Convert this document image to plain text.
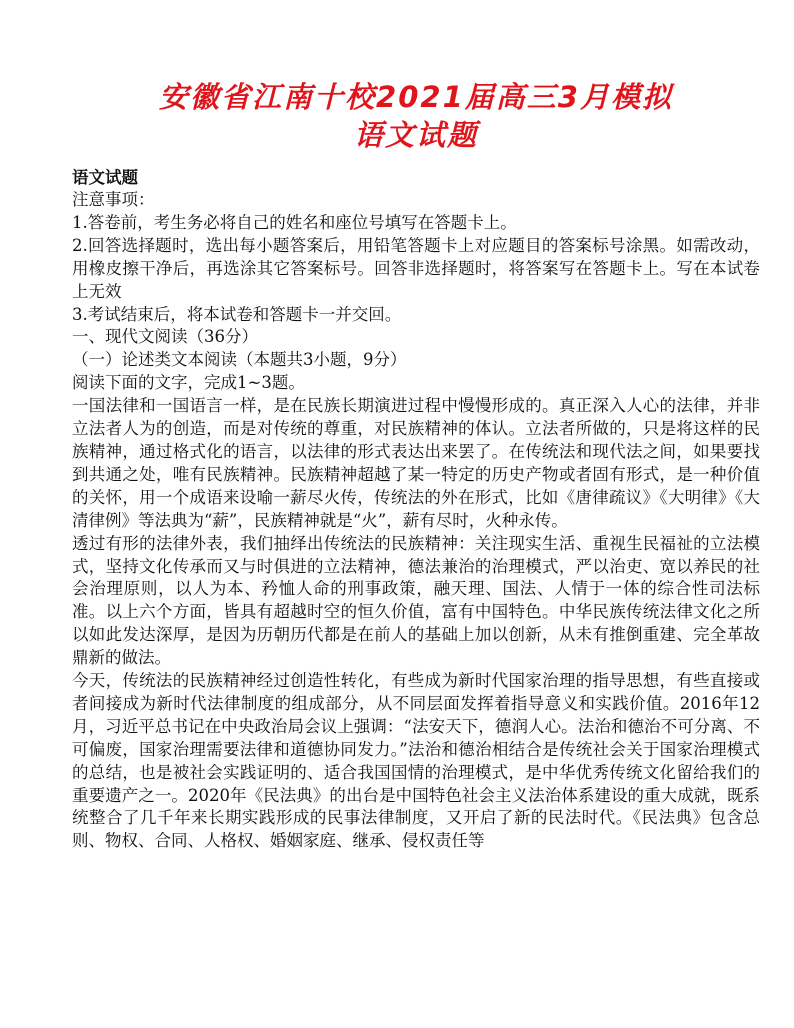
安徽省江南十校2021届高三3月模拟
语文试题

语文试题

注意事项：

1.答卷前，考生务必将自己的姓名和座位号填写在答题卡上。

2.回答选择题时，选出每小题答案后，用铅笔答题卡上对应题目的答案标号涂黑。如需改动，用橡皮擦干净后，再选涂其它答案标号。回答非选择题时，将答案写在答题卡上。写在本试卷上无效

3.考试结束后，将本试卷和答题卡一并交回。

一、现代文阅读（36分）

（一）论述类文本阅读（本题共3小题，9分）

阅读下面的文字，完成1~3题。

一国法律和一国语言一样，是在民族长期演进过程中慢慢形成的。真正深入人心的法律，并非立法者人为的创造，而是对传统的尊重，对民族精神的体认。立法者所做的，只是将这样的民族精神，通过格式化的语言，以法律的形式表达出来罢了。在传统法和现代法之间，如果要找到共通之处，唯有民族精神。民族精神超越了某一特定的历史产物或者固有形式，是一种价值的关怀，用一个成语来设喻一薪尽火传，传统法的外在形式，比如《唐律疏议》《大明律》《大清律例》等法典为“薪”，民族精神就是“火”，薪有尽时，火种永传。

透过有形的法律外表，我们抽绎出传统法的民族精神：关注现实生活、重视生民福祉的立法模式，坚持文化传承而又与时俱进的立法精神，德法兼治的治理模式，严以治吏、宽以养民的社会治理原则，以人为本、矜恤人命的刑事政策，融天理、国法、人情于一体的综合性司法标准。以上六个方面，皆具有超越时空的恒久价值，富有中国特色。中华民族传统法律文化之所以如此发达深厚，是因为历朝历代都是在前人的基础上加以创新，从未有推倒重建、完全革故鼎新的做法。

今天，传统法的民族精神经过创造性转化，有些成为新时代国家治理的指导思想，有些直接或者间接成为新时代法律制度的组成部分，从不同层面发挥着指导意义和实践价值。2016年12月，习近平总书记在中央政治局会议上强调：“法安天下，德润人心。法治和德治不可分离、不可偏废，国家治理需要法律和道德协同发力。”法治和德治相结合是传统社会关于国家治理模式的总结，也是被社会实践证明的、适合我国国情的治理模式，是中华优秀传统文化留给我们的重要遗产之一。2020年《民法典》的出台是中国特色社会主义法治体系建设的重大成就，既系统整合了几千年来长期实践形成的民事法律制度，又开启了新的民法时代。《民法典》包含总则、物权、合同、人格权、婚姻家庭、继承、侵权责任等
